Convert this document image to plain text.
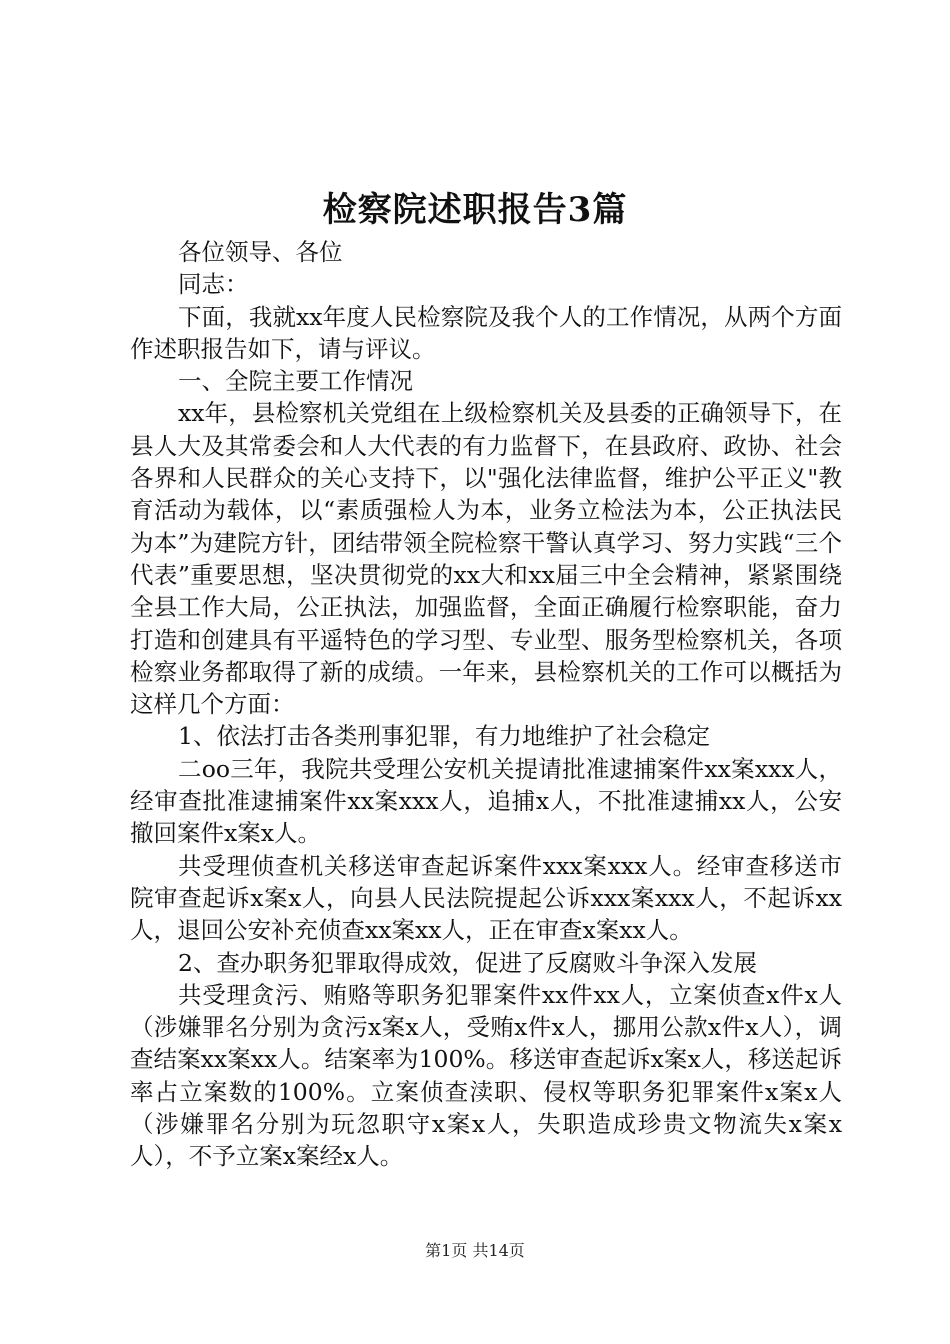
检察院述职报告3篇

各位领导、各位

同志：

下面，我就xx年度人民检察院及我个人的工作情况，从两个方面作述职报告如下，请与评议。

一、全院主要工作情况

xx年，县检察机关党组在上级检察机关及县委的正确领导下，在县人大及其常委会和人大代表的有力监督下，在县政府、政协、社会各界和人民群众的关心支持下，以"强化法律监督，维护公平正义"教育活动为载体，以“素质强检人为本，业务立检法为本，公正执法民为本”为建院方针，团结带领全院检察干警认真学习、努力实践“三个代表”重要思想，坚决贯彻党的xx大和xx届三中全会精神，紧紧围绕全县工作大局，公正执法，加强监督，全面正确履行检察职能，奋力打造和创建具有平遥特色的学习型、专业型、服务型检察机关，各项检察业务都取得了新的成绩。一年来，县检察机关的工作可以概括为这样几个方面：

1、依法打击各类刑事犯罪，有力地维护了社会稳定

二oo三年，我院共受理公安机关提请批准逮捕案件xx案xxx人，经审查批准逮捕案件xx案xxx人，追捕x人，不批准逮捕xx人，公安撤回案件x案x人。

共受理侦查机关移送审查起诉案件xxx案xxx人。经审查移送市院审查起诉x案x人，向县人民法院提起公诉xxx案xxx人，不起诉xx人，退回公安补充侦查xx案xx人，正在审查x案xx人。

2、查办职务犯罪取得成效，促进了反腐败斗争深入发展

共受理贪污、贿赂等职务犯罪案件xx件xx人，立案侦查x件x人（涉嫌罪名分别为贪污x案x人，受贿x件x人，挪用公款x件x人），调查结案xx案xx人。结案率为100%。移送审查起诉x案x人，移送起诉率占立案数的100%。立案侦查渎职、侵权等职务犯罪案件x案x人（涉嫌罪名分别为玩忽职守x案x人，失职造成珍贵文物流失x案x人），不予立案x案经x人。

第1页 共14页
